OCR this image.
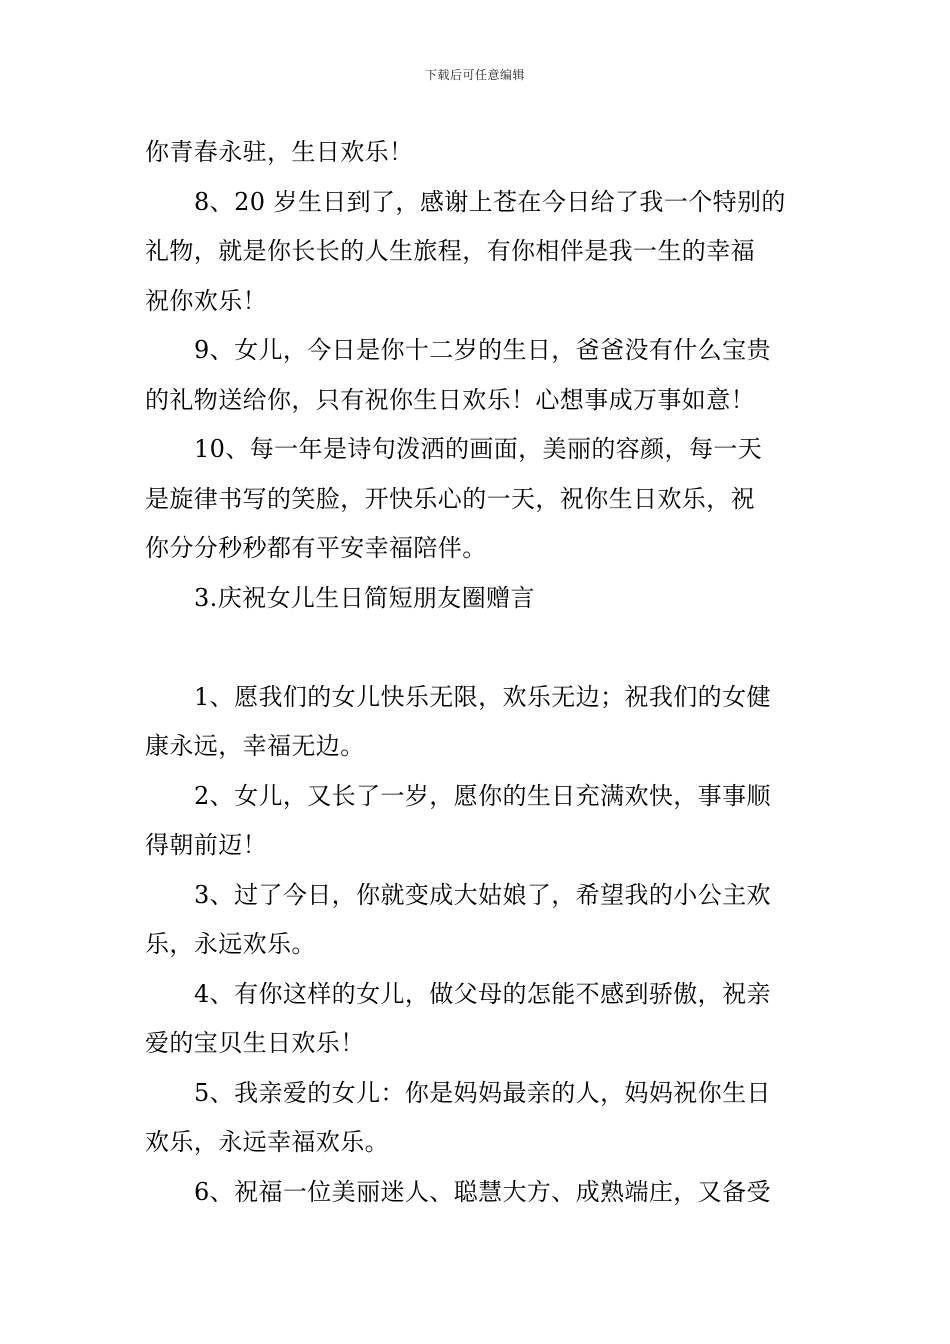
下载后可任意编辑
你青春永驻，生日欢乐！
8、20 岁生日到了，感谢上苍在今日给了我一个特别的
礼物，就是你长长的人生旅程，有你相伴是我一生的幸福
祝你欢乐！
9、女儿，今日是你十二岁的生日，爸爸没有什么宝贵
的礼物送给你，只有祝你生日欢乐！心想事成万事如意！
10、每一年是诗句泼洒的画面，美丽的容颜，每一天
是旋律书写的笑脸，开快乐心的一天，祝你生日欢乐，祝
你分分秒秒都有平安幸福陪伴。
3.庆祝女儿生日简短朋友圈赠言
1、愿我们的女儿快乐无限，欢乐无边；祝我们的女健
康永远，幸福无边。
2、女儿，又长了一岁，愿你的生日充满欢快，事事顺
得朝前迈！
3、过了今日，你就变成大姑娘了，希望我的小公主欢
乐，永远欢乐。
4、有你这样的女儿，做父母的怎能不感到骄傲，祝亲
爱的宝贝生日欢乐！
5、我亲爱的女儿：你是妈妈最亲的人，妈妈祝你生日
欢乐，永远幸福欢乐。
6、祝福一位美丽迷人、聪慧大方、成熟端庄，又备受
